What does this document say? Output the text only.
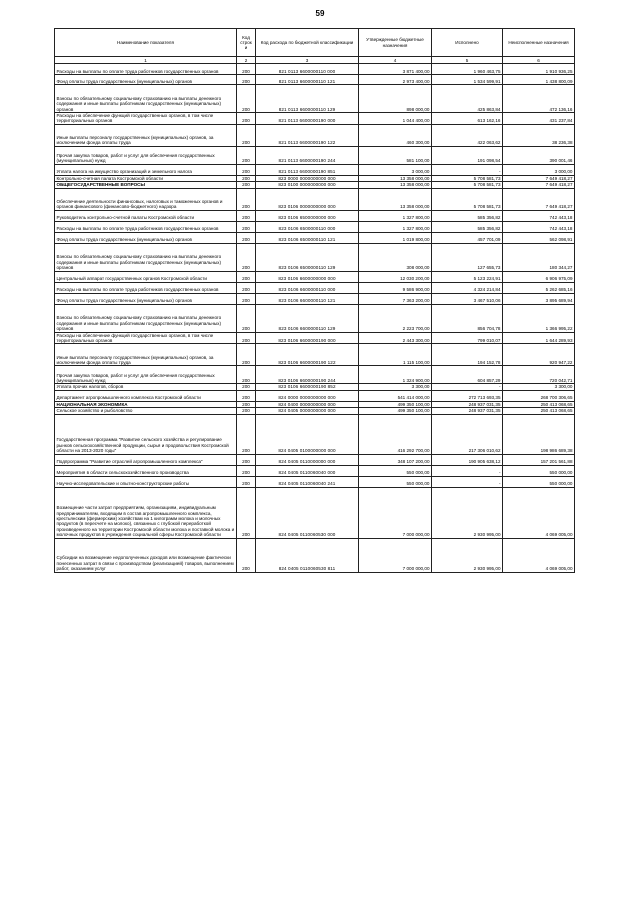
59
Наименование показателя	Код строк и	Код расхода по бюджетной классификации	Утвержденные бюджетные назначения	Исполнено	Неисполненные назначения
1	2	3	4	5	6
Расходы на выплаты по оплате труда работников государственных органов	200	821 0113 6600000110 000	3 871 400,00	1 960 463,75	1 910 936,25
Фонд оплаты труда государственных (муниципальных) органов	200	821 0113 6600000110 121	2 973 400,00	1 534 599,91	1 438 800,09
Взносы по обязательному социальному страхованию на выплаты денежного содержания и иные выплаты работникам государственных (муниципальных) органов	200	821 0113 6600000110 129	898 000,00	425 863,84	472 136,16
Расходы на обеспечение функций государственных органов, в том числе территориальных органов	200	821 0113 6600000190 000	1 044 400,00	613 162,16	431 237,84
Иные выплаты персоналу государственных (муниципальных) органов, за исключением фонда оплаты труда	200	821 0113 6600000190 122	460 300,00	422 063,62	38 236,38
Прочая закупка товаров, работ и услуг для обеспечения государственных (муниципальных) нужд	200	821 0113 6600000190 244	581 100,00	191 098,54	390 001,46
Уплата налога на имущество организаций и земельного налога	200	821 0113 6600000190 851	3 000,00	-	3 000,00
Контрольно-счетная палата Костромской области	200	823 0000 0000000000 000	13 358 000,00	5 708 581,73	7 649 418,27
ОБЩЕГОСУДАРСТВЕННЫЕ ВОПРОСЫ	200	823 0100 0000000000 000	13 358 000,00	5 708 581,73	7 649 418,27
Обеспечение деятельности финансовых, налоговых и таможенных органов и органов финансового (финансово-бюджетного) надзора	200	823 0106 0000000000 000	13 358 000,00	5 708 581,73	7 649 418,27
Руководитель контрольно-счетной палаты Костромской области	200	823 0106 6500000000 000	1 327 800,00	585 356,82	742 443,18
Расходы на выплаты по оплате труда работников государственных органов	200	823 0106 6500000110 000	1 327 800,00	585 356,82	742 443,18
Фонд оплаты труда государственных (муниципальных) органов	200	823 0106 6500000110 121	1 019 800,00	457 701,09	562 098,91
Взносы по обязательному социальному страхованию на выплаты денежного содержания и иные выплаты работникам государственных (муниципальных) органов	200	823 0106 6500000110 129	308 000,00	127 655,73	180 344,27
Центральный аппарат государственных органов Костромской области	200	823 0106 6600000000 000	12 030 200,00	5 123 224,91	6 906 975,09
Расходы на выплаты по оплате труда работников государственных органов	200	823 0106 6600000110 000	9 586 900,00	4 324 214,84	5 262 685,16
Фонд оплаты труда государственных (муниципальных) органов	200	823 0106 6600000110 121	7 363 200,00	3 467 510,06	3 895 689,94
Взносы по обязательному социальному страхованию на выплаты денежного содержания и иные выплаты работникам государственных (муниципальных) органов	200	823 0106 6600000110 129	2 223 700,00	856 704,78	1 366 995,22
Расходы на обеспечение функций государственных органов, в том числе территориальных органов	200	823 0106 6600000190 000	2 443 300,00	799 010,07	1 644 289,93
Иные выплаты персоналу государственных (муниципальных) органов, за исключением фонда оплаты труда	200	823 0106 6600000190 122	1 115 100,00	194 152,78	920 947,22
Прочая закупка товаров, работ и услуг для обеспечения государственных (муниципальных) нужд	200	823 0106 6600000190 244	1 324 900,00	604 857,29	720 042,71
Уплата прочих налогов, сборов	200	823 0106 6600000190 852	3 300,00	-	3 300,00
Департамент агропромышленного комплекса Костромской области	200	824 0000 0000000000 000	541 414 000,00	272 713 693,35	268 700 306,65
НАЦИОНАЛЬНАЯ ЭКОНОМИКА	200	824 0400 0000000000 000	499 350 100,00	248 937 031,35	250 413 068,65
Сельское хозяйство и рыболовство	200	824 0405 0000000000 000	499 350 100,00	248 937 031,35	250 413 068,65
Государственная программа "Развитие сельского хозяйства и регулирование рынков сельскохозяйственной продукции, сырья и продовольствия Костромской области на 2013-2020 годы"	200	824 0405 0100000000 000	416 292 700,00	217 306 010,62	198 986 689,38
Подпрограмма "Развитие отраслей агропромышленного комплекса"	200	824 0405 0110000000 000	348 107 200,00	190 905 638,12	157 201 561,88
Мероприятия в области сельскохозяйственного производства	200	824 0405 0110060040 000	550 000,00	-	550 000,00
Научно-исследовательские и опытно-конструкторские работы	200	824 0405 0110060040 241	550 000,00	-	550 000,00
Возмещение части затрат предприятиям, организациям, индивидуальным предпринимателям, входящим в состав агропромышленного комплекса, крестьянским (фермерским) хозяйствам на 1 килограмм молока и молочных продуктов (в пересчете на молоко), связанных с глубокой переработкой произведенного на территории Костромской области молока и поставкой молока и молочных продуктов в учреждения социальной сферы Костромской области	200	824 0405 0110060530 000	7 000 000,00	2 930 995,00	4 069 005,00
Субсидии на возмещение недополученных доходов или возмещение фактически понесенных затрат в связи с производством (реализацией) товаров, выполнением работ, оказанием услуг	200	824 0405 0110060530 811	7 000 000,00	2 930 995,00	4 069 005,00
